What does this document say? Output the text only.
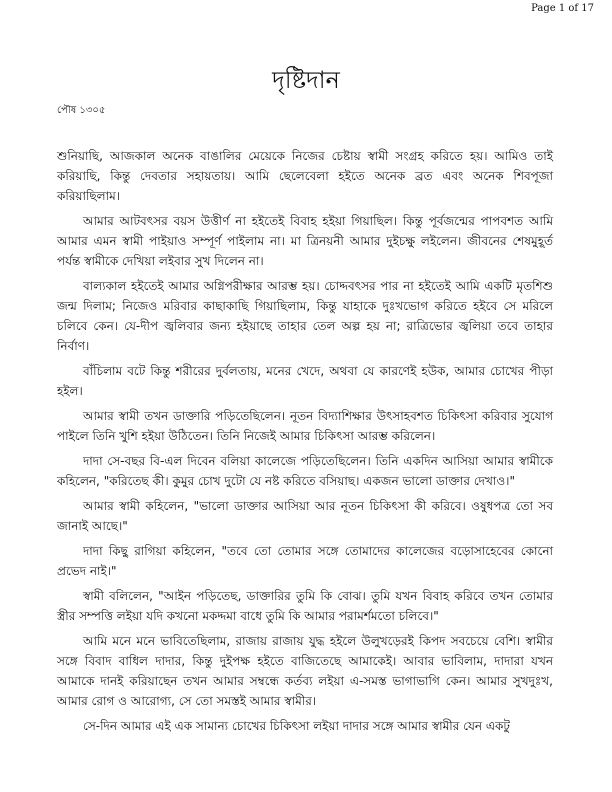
Page 1 of 17
দৃষ্টিদান
পৌষ ১৩০৫

শুনিয়াছি, আজকাল অনেক বাঙালির মেয়েকে নিজের চেষ্টায় স্বামী সংগ্রহ করিতে হয়। আমিও তাই করিয়াছি, কিন্তু দেবতার সহায়তায়। আমি ছেলেবেলা হইতে অনেক ব্রত এবং অনেক শিবপূজা করিয়াছিলাম।

আমার আটবৎসর বয়স উত্তীর্ণ না হইতেই বিবাহ হইয়া গিয়াছিল। কিন্তু পূর্বজন্মের পাপবশত আমি আমার এমন স্বামী পাইয়াও সম্পূর্ণ পাইলাম না। মা ত্রিনয়নী আমার দুইচক্ষু লইলেন। জীবনের শেষমুহূর্ত পর্যন্ত স্বামীকে দেখিয়া লইবার সুখ দিলেন না।

বাল্যকাল হইতেই আমার অগ্নিপরীক্ষার আরম্ভ হয়। চোদ্দবৎসর পার না হইতেই আমি একটি মৃতশিশু জন্ম দিলাম; নিজেও মরিবার কাছাকাছি গিয়াছিলাম, কিন্তু যাহাকে দুঃখভোগ করিতে হইবে সে মরিলে চলিবে কেন। যে-দীপ জ্বলিবার জন্য হইয়াছে তাহার তেল অল্প হয় না; রাত্রিভোর জ্বলিয়া তবে তাহার নির্বাণ।

বাঁচিলাম বটে কিন্তু শরীরের দুর্বলতায়, মনের খেদে, অথবা যে কারণেই হউক, আমার চোখের পীড়া হইল।

আমার স্বামী তখন ডাক্তারি পড়িতেছিলেন। নূতন বিদ্যাশিক্ষার উৎসাহবশত চিকিৎসা করিবার সুযোগ পাইলে তিনি খুশি হইয়া উঠিতেন। তিনি নিজেই আমার চিকিৎসা আরম্ভ করিলেন।

দাদা সে-বছর বি-এল দিবেন বলিয়া কালেজে পড়িতেছিলেন। তিনি একদিন আসিয়া আমার স্বামীকে কহিলেন, "করিতেছ কী। কুমুর চোখ দুটো যে নষ্ট করিতে বসিয়াছ। একজন ভালো ডাক্তার দেখাও।"

আমার স্বামী কহিলেন, "ভালো ডাক্তার আসিয়া আর নূতন চিকিৎসা কী করিবে। ওষুধপত্র তো সব জানাই আছে।"

দাদা কিছু রাগিয়া কহিলেন, "তবে তো তোমার সঙ্গে তোমাদের কালেজের বড়োসাহেবের কোনো প্রভেদ নাই।"

স্বামী বলিলেন, "আইন পড়িতেছ, ডাক্তারির তুমি কি বোঝ। তুমি যখন বিবাহ করিবে তখন তোমার স্ত্রীর সম্পত্তি লইয়া যদি কখনো মকদ্দমা বাধে তুমি কি আমার পরামর্শমতো চলিবে।"

আমি মনে মনে ভাবিতেছিলাম, রাজায় রাজায় যুদ্ধ হইলে উলুখড়েরই কিপদ সবচেয়ে বেশি। স্বামীর সঙ্গে বিবাদ বাধিল দাদার, কিন্তু দুইপক্ষ হইতে বাজিতেছে আমাকেই। আবার ভাবিলাম, দাদারা যখন আমাকে দানই করিয়াছেন তখন আমার সম্বন্ধে কর্তব্য লইয়া এ-সমস্ত ভাগাভাগি কেন। আমার সুখদুঃখ, আমার রোগ ও আরোগ্য, সে তো সমস্তই আমার স্বামীর।

সে-দিন আমার এই এক সামান্য চোখের চিকিৎসা লইয়া দাদার সঙ্গে আমার স্বামীর যেন একটু
